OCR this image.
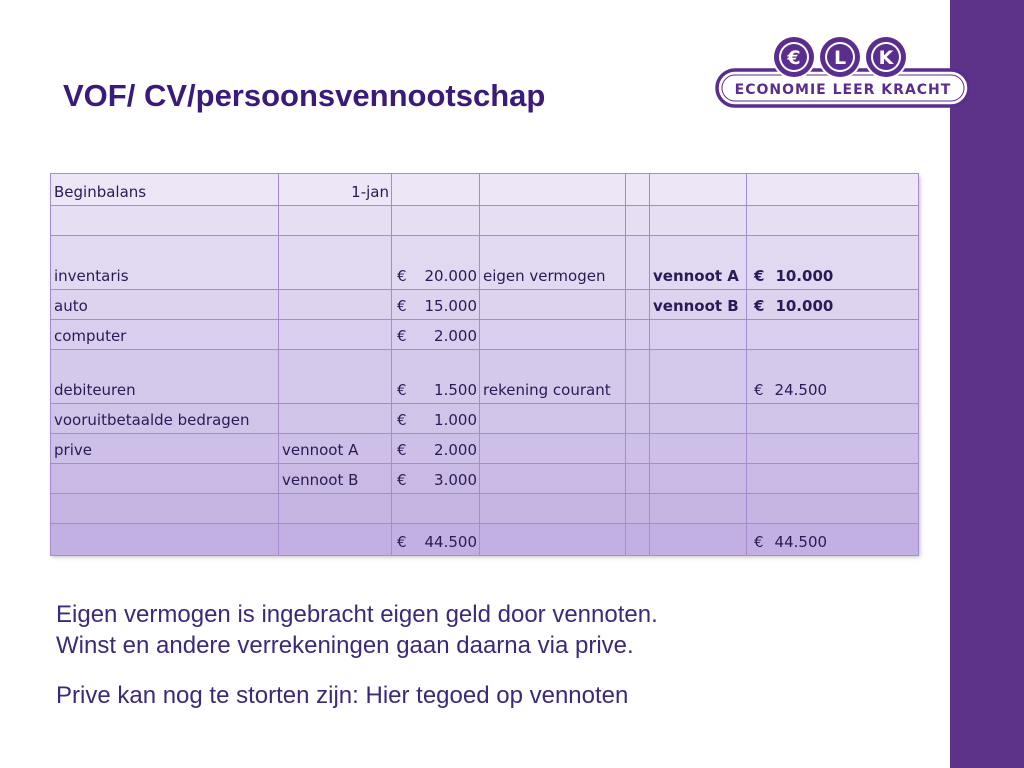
VOF/ CV/persoonsvennootschap
€ L K
ECONOMIE LEER KRACHT
Beginbalans	1-jan					

inventaris		€ 20.000	eigen vermogen		vennoot A	€ 10.000
auto		€ 15.000			vennoot B	€ 10.000
computer		€ 2.000				

debiteuren		€ 1.500	rekening courant			€ 24.500
vooruitbetaalde bedragen		€ 1.000				

prive	vennoot A	€ 2.000				

	vennoot B	€ 3.000				

		€ 44.500				€ 44.500
Eigen vermogen is ingebracht eigen geld door vennoten.
Winst en andere verrekeningen gaan daarna via prive.
Prive kan nog te storten zijn: Hier tegoed op vennoten
